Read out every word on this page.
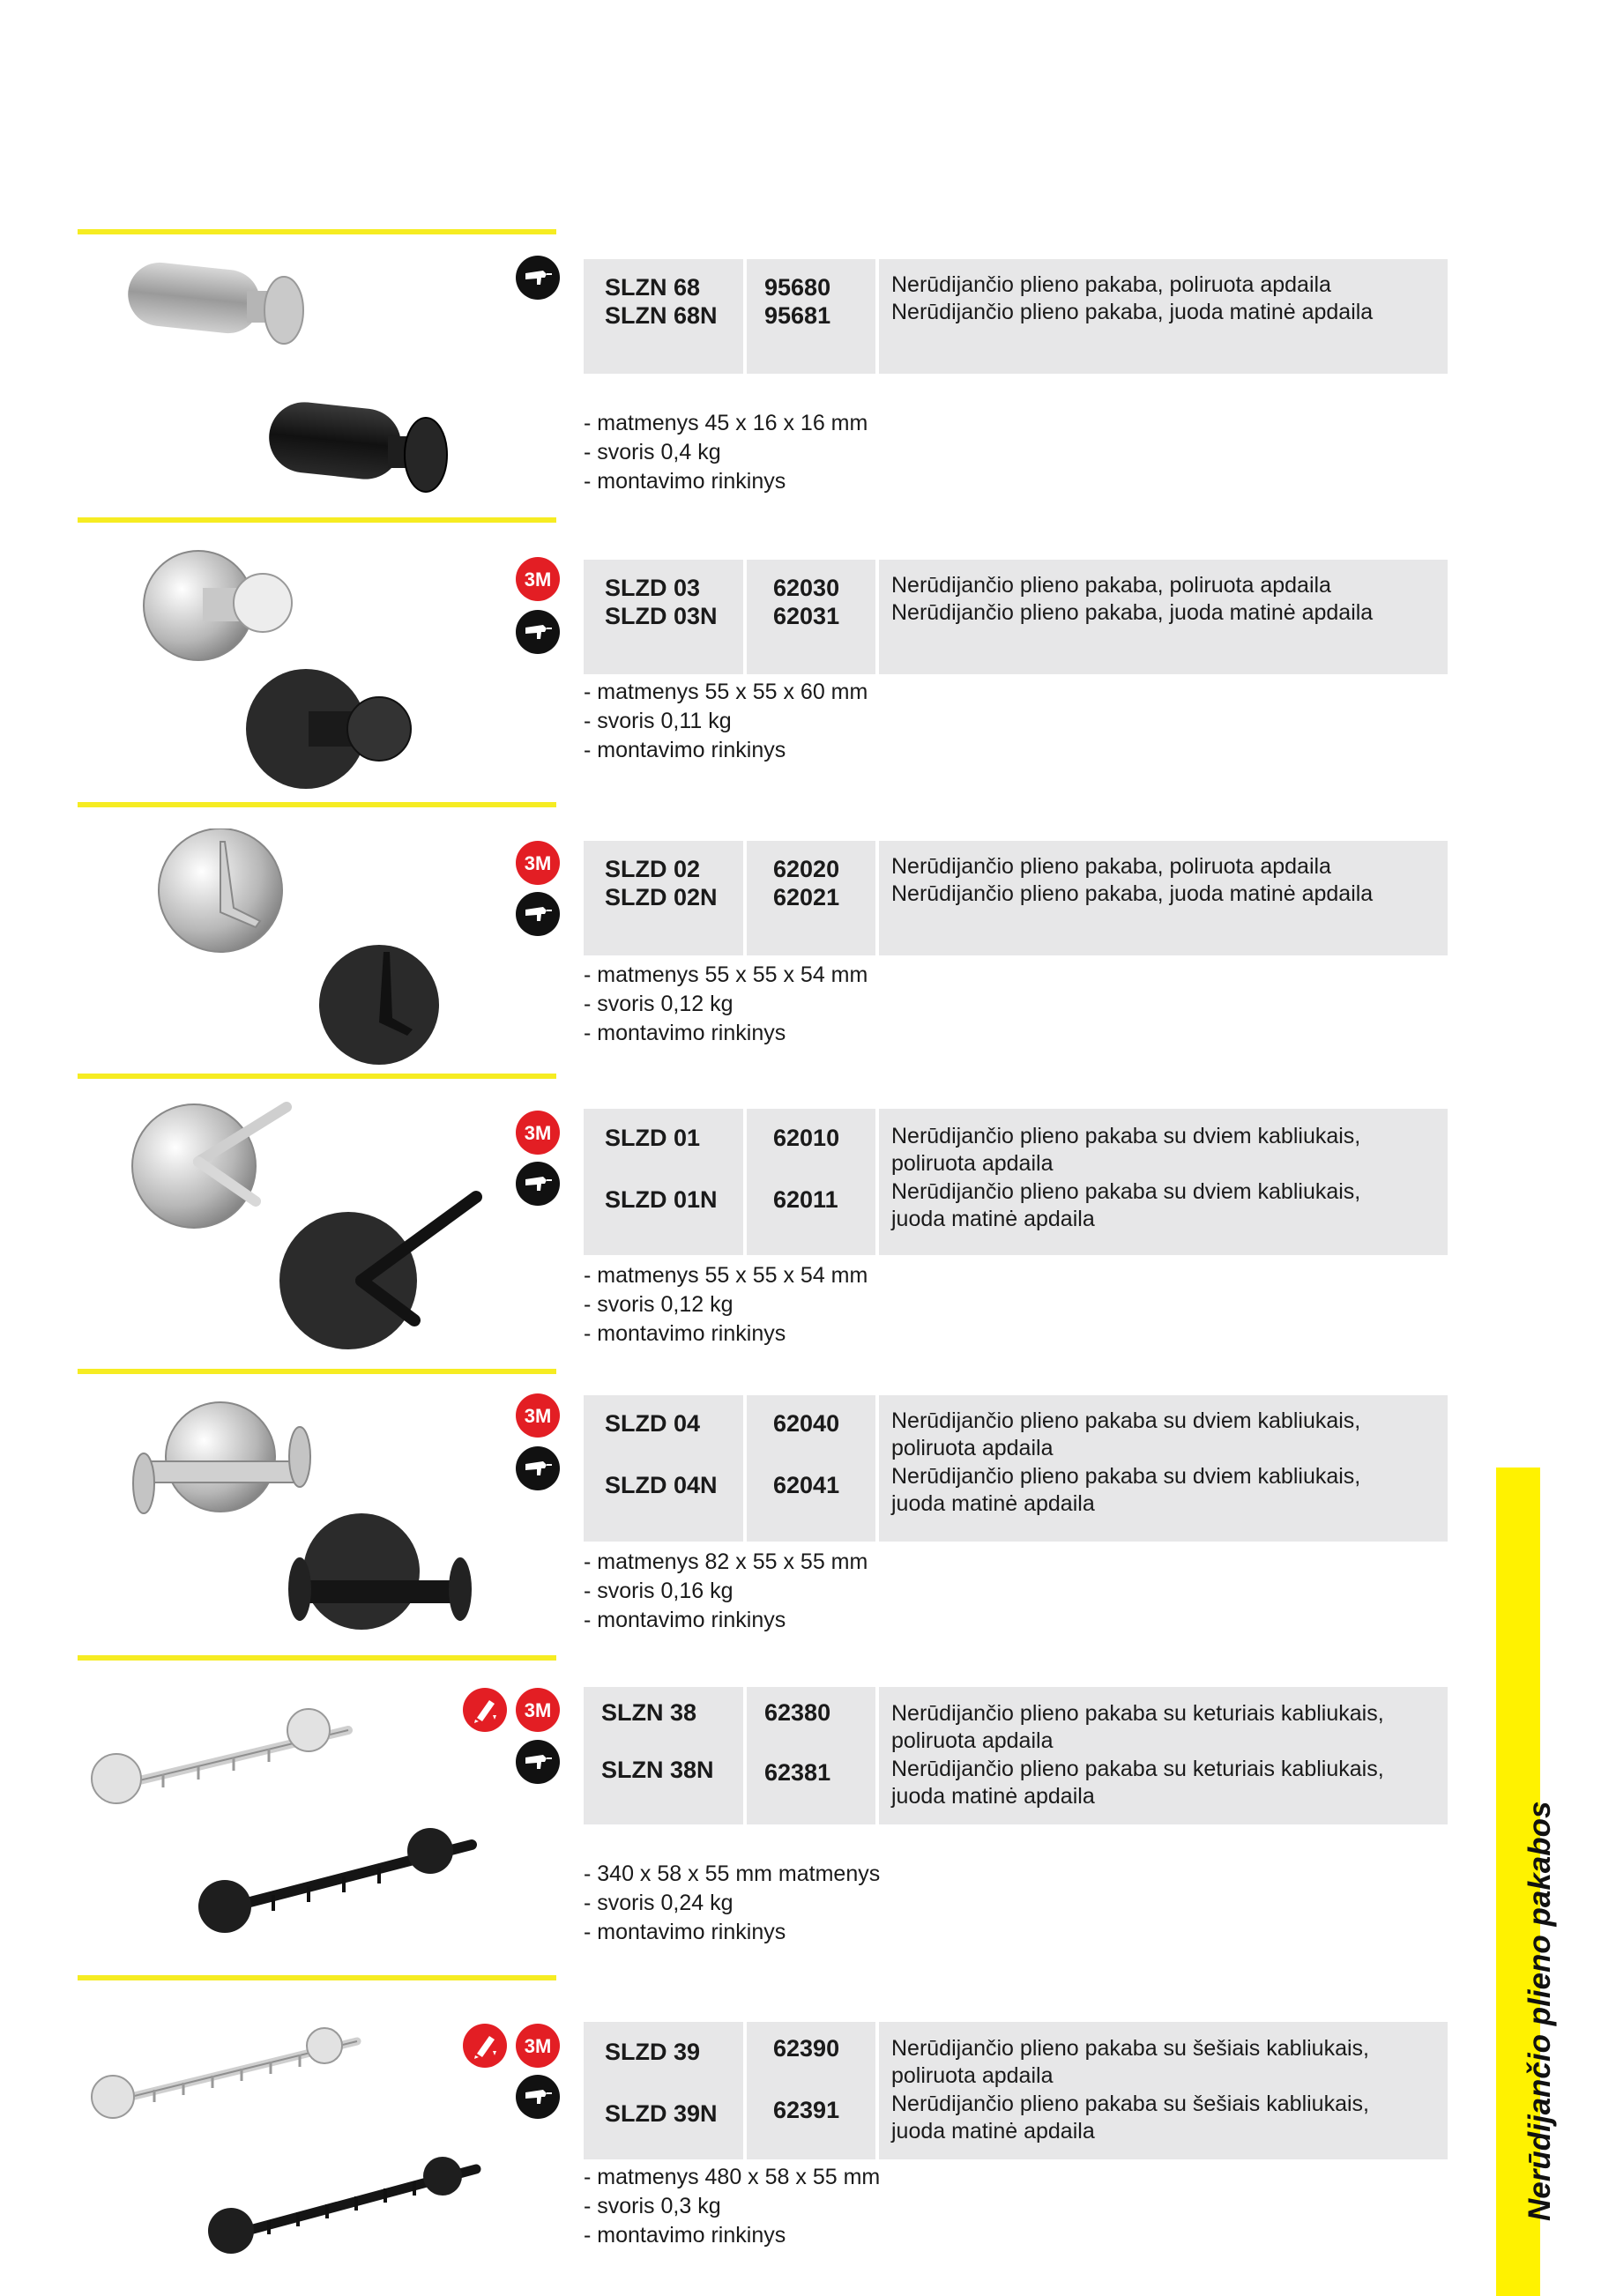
SLZN 68
SLZN 68N
95680
95681
Nerūdijančio plieno pakaba, poliruota apdaila
Nerūdijančio plieno pakaba, juoda matinė apdaila
- matmenys 45 x 16 x 16 mm
- svoris 0,4 kg
- montavimo rinkinys
3M SLZD 03
SLZD 03N
62030
62031
Nerūdijančio plieno pakaba, poliruota apdaila
Nerūdijančio plieno pakaba, juoda matinė apdaila
- matmenys 55 x 55 x 60 mm
- svoris 0,11 kg
- montavimo rinkinys
3M SLZD 02
SLZD 02N
62020
62021
Nerūdijančio plieno pakaba, poliruota apdaila
Nerūdijančio plieno pakaba, juoda matinė apdaila
- matmenys 55 x 55 x 54 mm
- svoris 0,12 kg
- montavimo rinkinys
3M SLZD 01
SLZD 01N
62010
62011
Nerūdijančio plieno pakaba su dviem kabliukais, poliruota apdaila
Nerūdijančio plieno pakaba su dviem kabliukais, juoda matinė apdaila
- matmenys 55 x 55 x 54 mm
- svoris 0,12 kg
- montavimo rinkinys
3M SLZD 04
SLZD 04N
62040
62041
Nerūdijančio plieno pakaba su dviem kabliukais, poliruota apdaila
Nerūdijančio plieno pakaba su dviem kabliukais, juoda matinė apdaila
- matmenys 82 x 55 x 55 mm
- svoris 0,16 kg
- montavimo rinkinys
3M SLZN 38
SLZN 38N
62380
62381
Nerūdijančio plieno pakaba su keturiais kabliukais, poliruota apdaila
Nerūdijančio plieno pakaba su keturiais kabliukais, juoda matinė apdaila
- 340 x 58 x 55 mm matmenys
- svoris 0,24 kg
- montavimo rinkinys
3M SLZD 39
SLZD 39N
62390
62391
Nerūdijančio plieno pakaba su šešiais kabliukais, poliruota apdaila
Nerūdijančio plieno pakaba su šešiais kabliukais, juoda matinė apdaila
- matmenys 480 x 58 x 55 mm
- svoris 0,3 kg
- montavimo rinkinys
Nerūdijančio plieno pakabos
